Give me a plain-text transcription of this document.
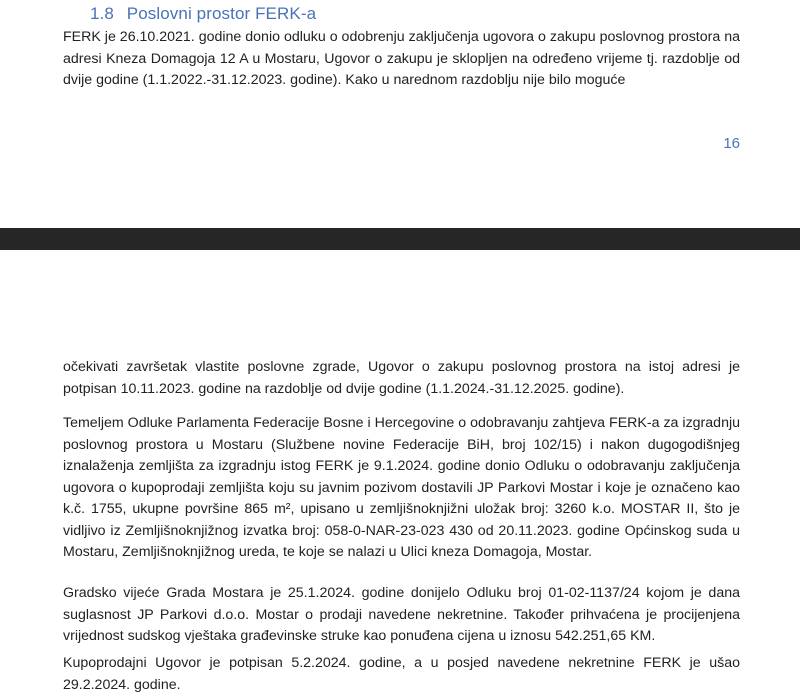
1.8 Poslovni prostor FERK-a

FERK je 26.10.2021. godine donio odluku o odobrenju zaključenja ugovora o zakupu poslovnog prostora na adresi Kneza Domagoja 12 A u Mostaru, Ugovor o zakupu je sklopljen na određeno vrijeme tj. razdoblje od dvije godine (1.1.2022.-31.12.2023. godine). Kako u narednom razdoblju nije bilo moguće

16

očekivati završetak vlastite poslovne zgrade, Ugovor o zakupu poslovnog prostora na istoj adresi je potpisan 10.11.2023. godine na razdoblje od dvije godine (1.1.2024.-31.12.2025. godine).

Temeljem Odluke Parlamenta Federacije Bosne i Hercegovine o odobravanju zahtjeva FERK-a za izgradnju poslovnog prostora u Mostaru (Službene novine Federacije BiH, broj 102/15) i nakon dugogodišnjeg iznalaženja zemljišta za izgradnju istog FERK je 9.1.2024. godine donio Odluku o odobravanju zaključenja ugovora o kupoprodaji zemljišta koju su javnim pozivom dostavili JP Parkovi Mostar i koje je označeno kao k.č. 1755, ukupne površine 865 m², upisano u zemljišnoknjižni uložak broj: 3260 k.o. MOSTAR II, što je vidljivo iz Zemljišnoknjižnog izvatka broj: 058-0-NAR-23-023 430 od 20.11.2023. godine Općinskog suda u Mostaru, Zemljišnoknjižnog ureda, te koje se nalazi u Ulici kneza Domagoja, Mostar.

Gradsko vijeće Grada Mostara je 25.1.2024. godine donijelo Odluku broj 01-02-1137/24 kojom je dana suglasnost JP Parkovi d.o.o. Mostar o prodaji navedene nekretnine. Također prihvaćena je procijenjena vrijednost sudskog vještaka građevinske struke kao ponuđena cijena u iznosu 542.251,65 KM.

Kupoprodajni Ugovor je potpisan 5.2.2024. godine, a u posjed navedene nekretnine FERK je ušao 29.2.2024. godine.
